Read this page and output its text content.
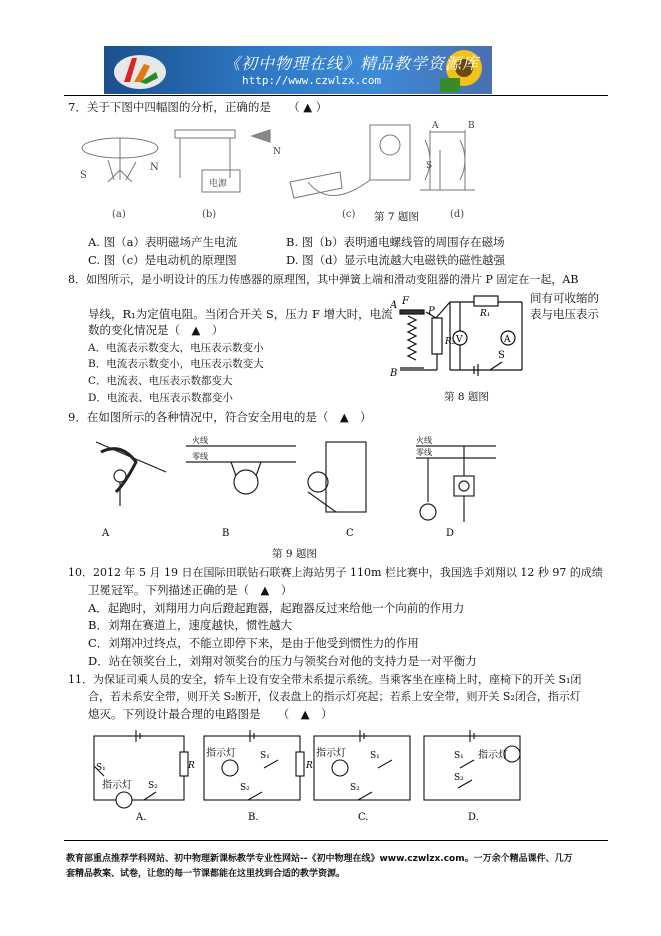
《初中物理在线》精品教学资源库
http://www.czwlzx.com
7．关于下图中四幅图的分析，正确的是　　（ ▲ ）
S
N
电源
N
A	B
S
(a)	(b)	(c)	(d)
第 7 题图
A. 图（a）表明磁场产生电流	B. 图（b）表明通电螺线管的周围存在磁场
C. 图（c）是电动机的原理图	D. 图（d）显示电流越大电磁铁的磁性越强
8．如图所示，是小明设计的压力传感器的原理图，其中弹簧上端和滑动变阻器的滑片 P 固定在一起，AB
间有可收缩的
导线，R₁为定值电阻。当闭合开关 S，压力 F 增大时，电流	表与电压表示
数的变化情况是（　▲　）
A．电流表示数变大，电压表示数变小
B．电流表示数变小，电压表示数变大
C．电流表、电压表示数都变大
D．电流表、电压表示数都变小
A
B
F
P
R₂
R₁
V	A
S
第 8 题图
9．在如图所示的各种情况中，符合安全用电的是（　▲　）
火线
零线
火线
零线
A	B	C	D
第 9 题图
10．2012 年 5 月 19 日在国际田联钻石联赛上海站男子 110m 栏比赛中，我国选手刘翔以 12 秒 97 的成绩
卫冕冠军。下列描述正确的是（　▲　）
A．起跑时，刘翔用力向后蹬起跑器，起跑器反过来给他一个向前的作用力
B．刘翔在赛道上，速度越快，惯性越大
C．刘翔冲过终点，不能立即停下来，是由于他受到惯性力的作用
D．站在领奖台上，刘翔对领奖台的压力与领奖台对他的支持力是一对平衡力
11．为保证司乘人员的安全，轿车上设有安全带未系提示系统。当乘客坐在座椅上时，座椅下的开关 S₁闭
合，若未系安全带，则开关 S₂断开，仪表盘上的指示灯亮起；若系上安全带，则开关 S₂闭合，指示灯
熄灭。下列设计最合理的电路图是　　（　▲　）
S₁
指示灯 S₂
R
指示灯	S₁
S₂
R
指示灯	S₁
S₂
S₁ 指示灯
S₂
A.	B.	C.	D.
教育部重点推荐学科网站、初中物理新课标教学专业性网站--《初中物理在线》www.czwlzx.com。一万余个精品课件、几万
套精品教案、试卷，让您的每一节课都能在这里找到合适的教学资源。
